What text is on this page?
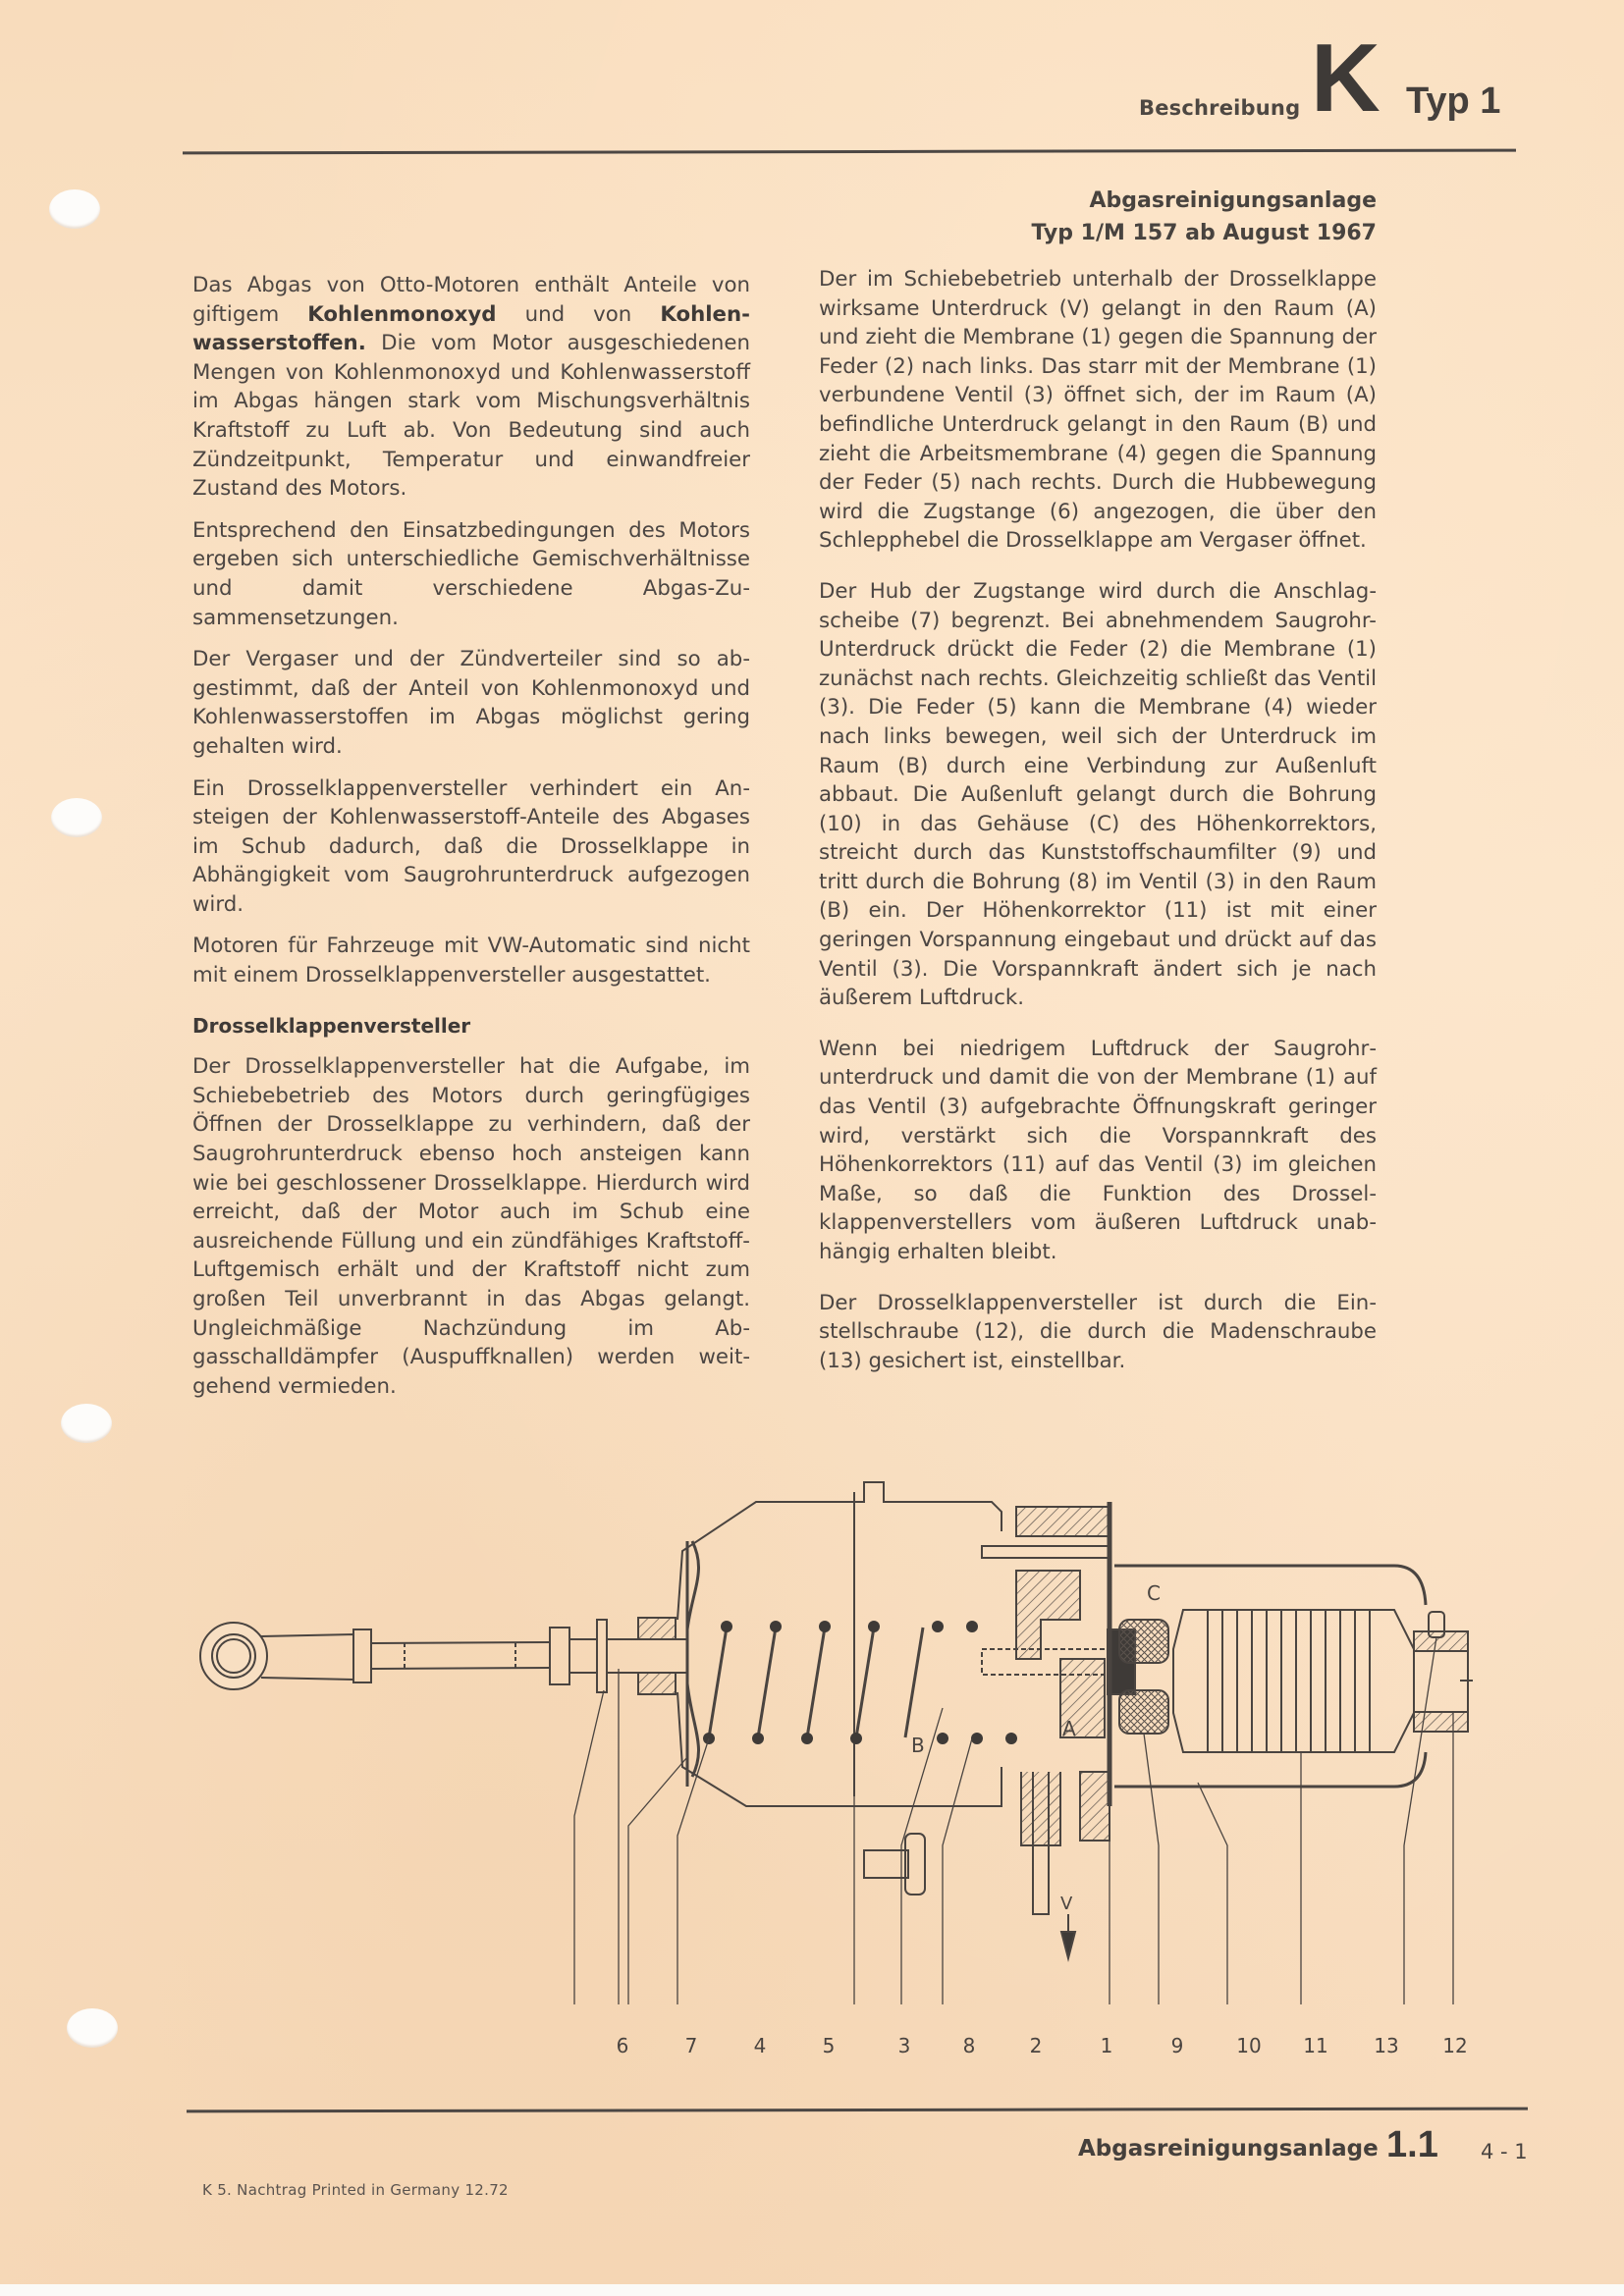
Beschreibung K Typ 1
Abgasreinigungsanlage
Typ 1/M 157 ab August 1967

Das Abgas von Otto-Motoren enthält Anteile von giftigem Kohlenmonoxyd und von Kohlenwasserstoffen. Die vom Motor ausgeschiedenen Mengen von Kohlenmonoxyd und Kohlenwasserstoff im Abgas hängen stark vom Mischungsverhältnis Kraftstoff zu Luft ab. Von Bedeutung sind auch Zündzeitpunkt, Temperatur und einwandfreier Zustand des Motors.

Entsprechend den Einsatzbedingungen des Motors ergeben sich unterschiedliche Gemischverhältnisse und damit verschiedene Abgas-Zusammensetzungen.

Der Vergaser und der Zündverteiler sind so abgestimmt, daß der Anteil von Kohlenmonoxyd und Kohlenwasserstoffen im Abgas möglichst gering gehalten wird.

Ein Drosselklappenversteller verhindert ein Ansteigen der Kohlenwasserstoff-Anteile des Abgases im Schub dadurch, daß die Drosselklappe in Abhängigkeit vom Saugrohrunterdruck aufgezogen wird.

Motoren für Fahrzeuge mit VW-Automatic sind nicht mit einem Drosselklappenversteller ausgestattet.

Drosselklappenversteller

Der Drosselklappenversteller hat die Aufgabe, im Schiebebetrieb des Motors durch geringfügiges Öffnen der Drosselklappe zu verhindern, daß der Saugrohrunterdruck ebenso hoch ansteigen kann wie bei geschlossener Drosselklappe. Hierdurch wird erreicht, daß der Motor auch im Schub eine ausreichende Füllung und ein zündfähiges Kraftstoff-Luftgemisch erhält und der Kraftstoff nicht zum großen Teil unverbrannt in das Abgas gelangt. Ungleichmäßige Nachzündung im Abgasschalldämpfer (Auspuffknallen) werden weitgehend vermieden.

Der im Schiebebetrieb unterhalb der Drosselklappe wirksame Unterdruck (V) gelangt in den Raum (A) und zieht die Membrane (1) gegen die Spannung der Feder (2) nach links. Das starr mit der Membrane (1) verbundene Ventil (3) öffnet sich, der im Raum (A) befindliche Unterdruck gelangt in den Raum (B) und zieht die Arbeitsmembrane (4) gegen die Spannung der Feder (5) nach rechts. Durch die Hubbewegung wird die Zugstange (6) angezogen, die über den Schlepphebel die Drosselklappe am Vergaser öffnet.

Der Hub der Zugstange wird durch die Anschlagscheibe (7) begrenzt. Bei abnehmendem Saugrohr-Unterdruck drückt die Feder (2) die Membrane (1) zunächst nach rechts. Gleichzeitig schließt das Ventil (3). Die Feder (5) kann die Membrane (4) wieder nach links bewegen, weil sich der Unterdruck im Raum (B) durch eine Verbindung zur Außenluft abbaut. Die Außenluft gelangt durch die Bohrung (10) in das Gehäuse (C) des Höhenkorrektors, streicht durch das Kunststoffschaumfilter (9) und tritt durch die Bohrung (8) im Ventil (3) in den Raum (B) ein. Der Höhenkorrektor (11) ist mit einer geringen Vorspannung eingebaut und drückt auf das Ventil (3). Die Vorspannkraft ändert sich je nach äußerem Luftdruck.

Wenn bei niedrigem Luftdruck der Saugrohrunterdruck und damit die von der Membrane (1) auf das Ventil (3) aufgebrachte Öffnungskraft geringer wird, verstärkt sich die Vorspannkraft des Höhenkorrektors (11) auf das Ventil (3) im gleichen Maße, so daß die Funktion des Drosselklappenverstellers vom äußeren Luftdruck unabhängig erhalten bleibt.

Der Drosselklappenversteller ist durch die Einstellschraube (12), die durch die Madenschraube (13) gesichert ist, einstellbar.

B
A
C
V
6	7	4	5	3	8	2	1	9	10 11 13 12
Abgasreinigungsanlage 1.1 4 - 1
K 5. Nachtrag Printed in Germany 12.72
